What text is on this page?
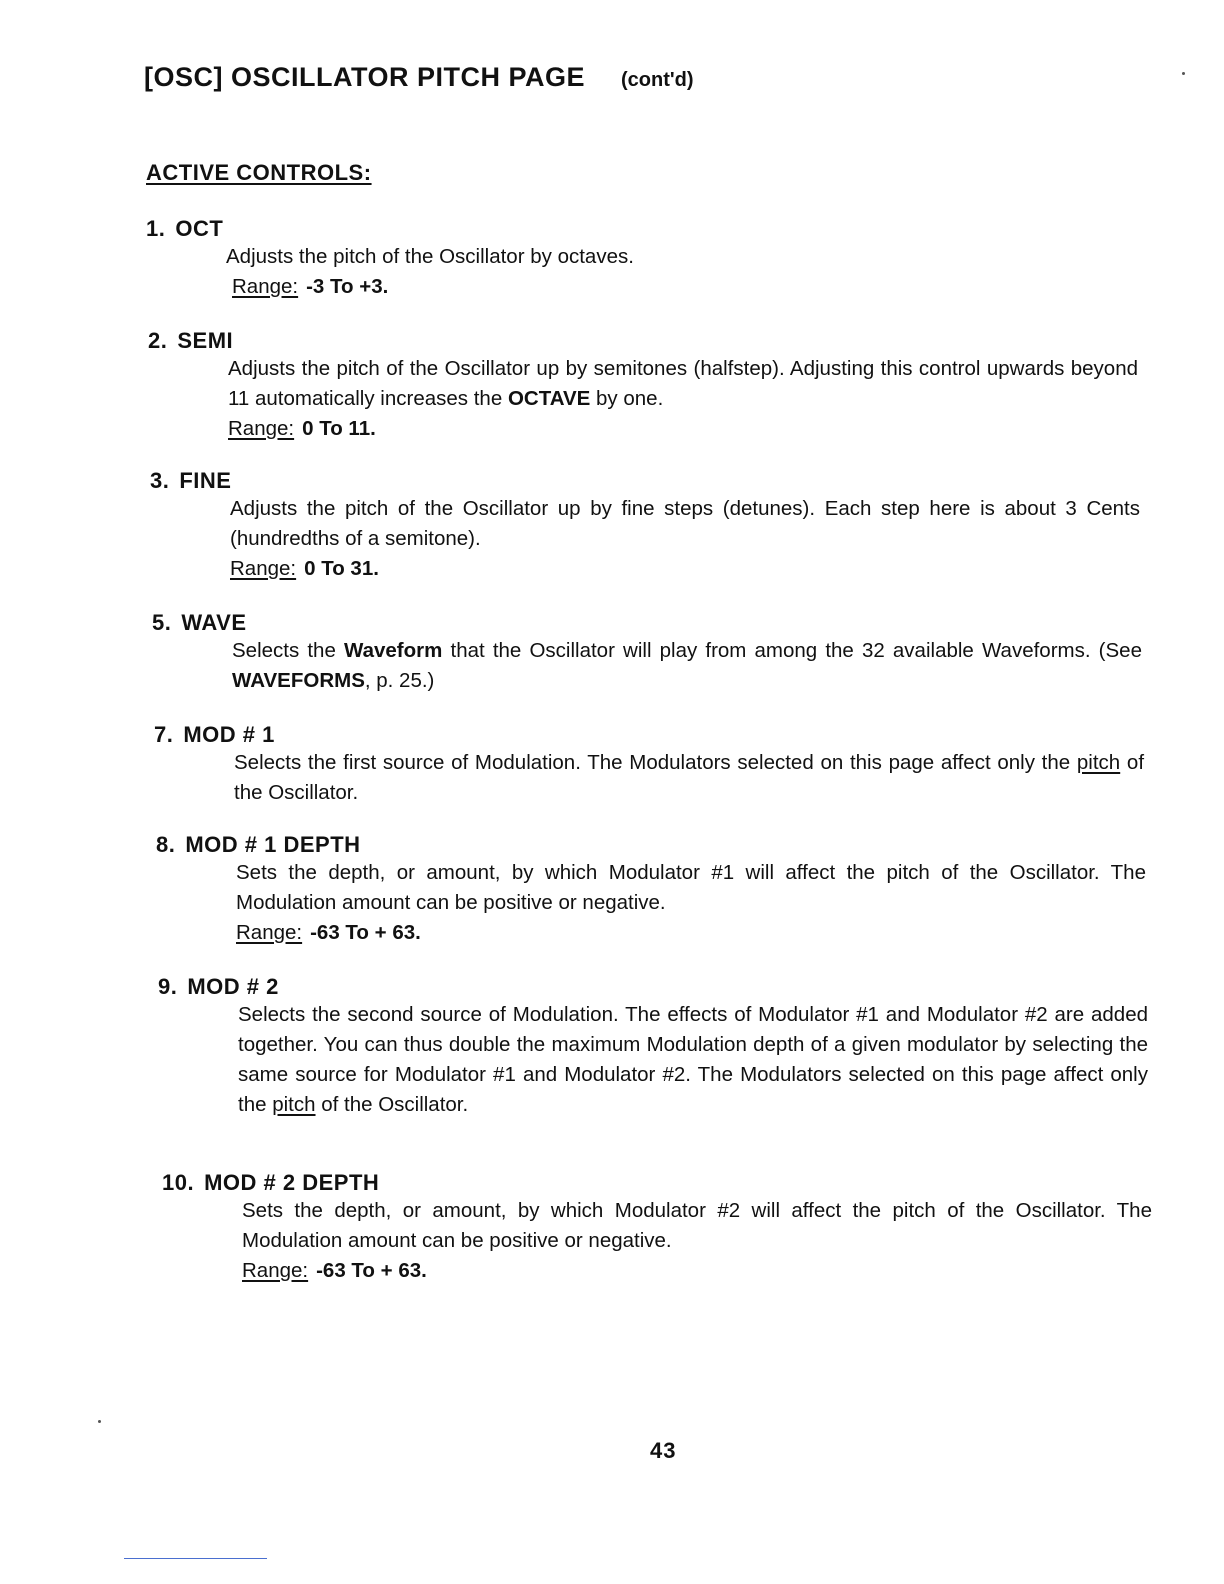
[OSC] OSCILLATOR PITCH PAGE (cont'd)
ACTIVE CONTROLS:
1. OCT

Adjusts the pitch of the Oscillator by octaves.

Range: -3 To +3.
2. SEMI

Adjusts the pitch of the Oscillator up by semitones (halfstep). Adjusting this control upwards beyond 11 automatically increases the OCTAVE by one.

Range: 0 To 11.
3. FINE

Adjusts the pitch of the Oscillator up by fine steps (detunes). Each step here is about 3 Cents (hundredths of a semitone).

Range: 0 To 31.
5. WAVE

Selects the Waveform that the Oscillator will play from among the 32 available Waveforms. (See WAVEFORMS, p. 25.)

7. MOD # 1

Selects the first source of Modulation. The Modulators selected on this page affect only the pitch of the Oscillator.

8. MOD # 1 DEPTH

Sets the depth, or amount, by which Modulator #1 will affect the pitch of the Oscillator. The Modulation amount can be positive or negative.

Range: -63 To + 63.
9. MOD # 2

Selects the second source of Modulation. The effects of Modulator #1 and Modulator #2 are added together. You can thus double the maximum Modulation depth of a given modulator by selecting the same source for Modulator #1 and Modulator #2. The Modulators selected on this page affect only the pitch of the Oscillator.

10. MOD # 2 DEPTH

Sets the depth, or amount, by which Modulator #2 will affect the pitch of the Oscillator. The Modulation amount can be positive or negative.

Range: -63 To + 63.
43
